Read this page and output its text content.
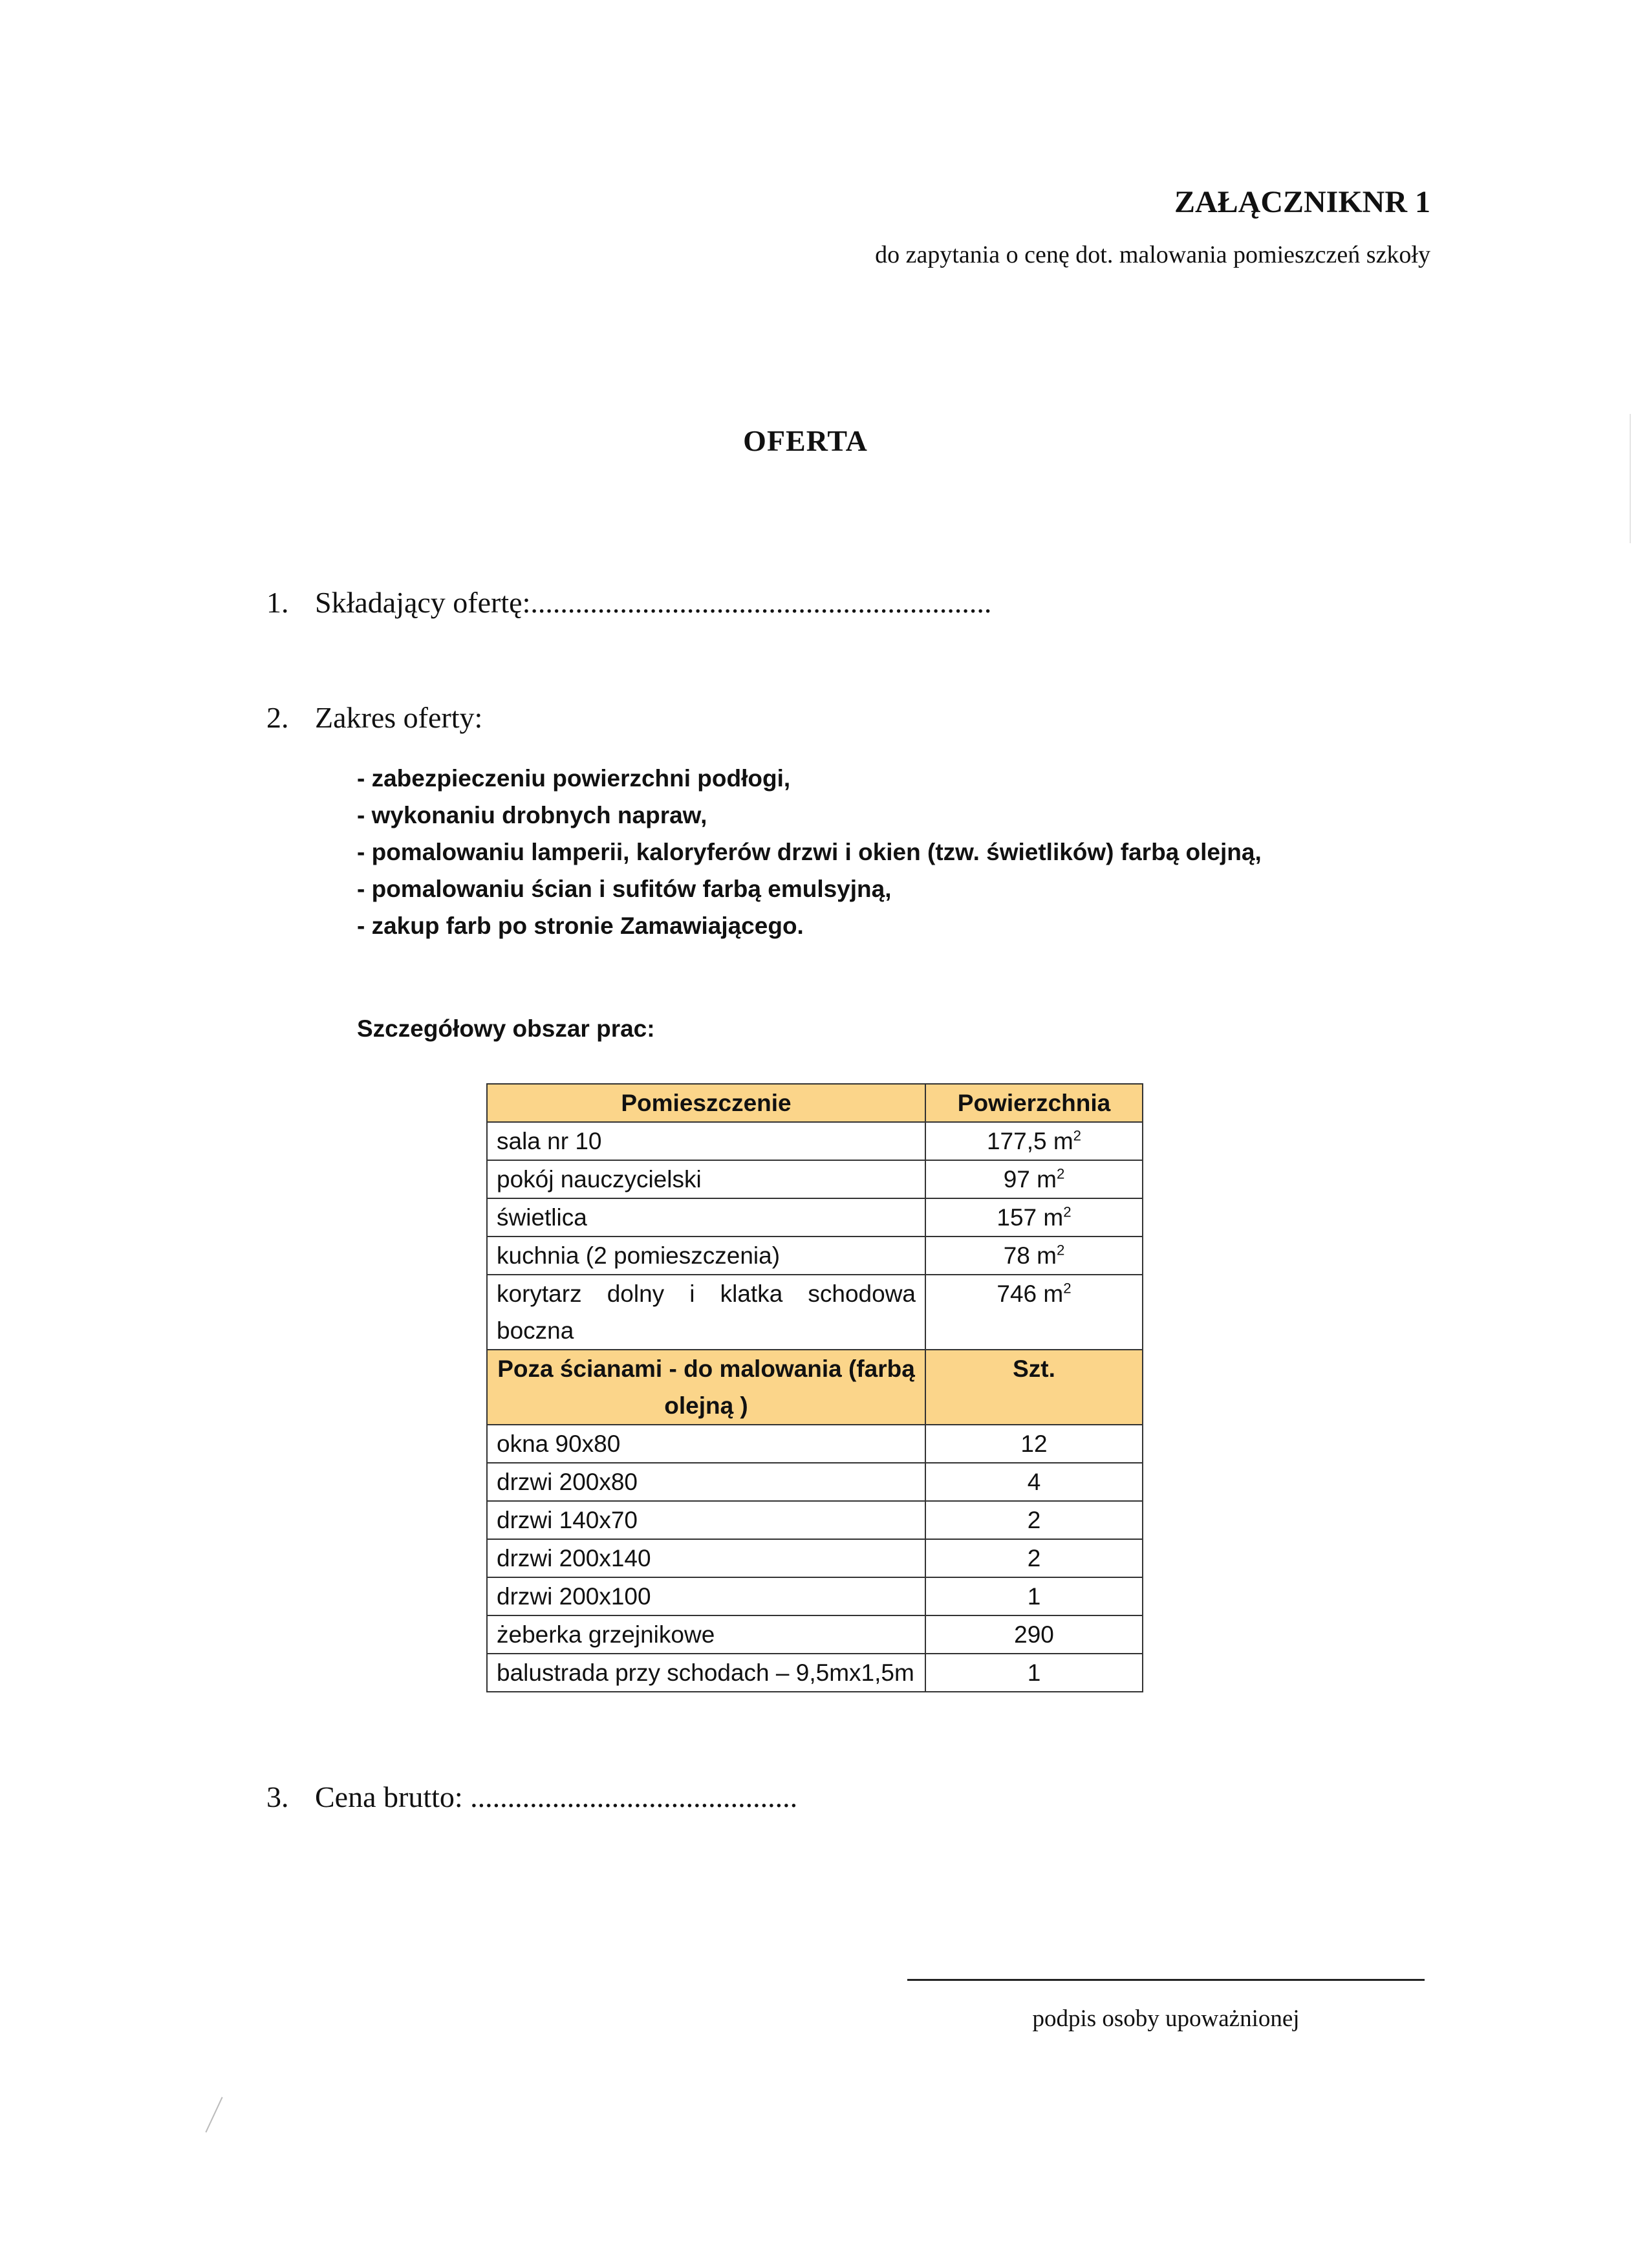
ZAŁĄCZNIKNR 1
do zapytania o cenę dot. malowania pomieszczeń szkoły
OFERTA
1. Składający ofertę:..............................................................
2. Zakres oferty:
- zabezpieczeniu powierzchni podłogi,
- wykonaniu drobnych napraw,
- pomalowaniu lamperii, kaloryferów drzwi i okien (tzw. świetlików) farbą olejną,
- pomalowaniu ścian i sufitów farbą emulsyjną,
- zakup farb po stronie Zamawiającego.
Szczegółowy obszar prac:
Pomieszczenie	Powierzchnia
sala nr 10	177,5 $m^2$
pokój nauczycielski	97 $m^2$
świetlica	157 $m^2$
kuchnia (2 pomieszczenia)	78 $m^2$
korytarz dolny i klatka schodowa boczna	746 $m^2$
Poza ścianami - do malowania (farbą olejną )	Szt.
okna 90x80	12
drzwi 200x80	4
drzwi 140x70	2
drzwi 200x140	2
drzwi 200x100	1
żeberka grzejnikowe	290
balustrada przy schodach – 9,5mx1,5m	1
3. Cena brutto: ............................................
podpis osoby upoważnionej
